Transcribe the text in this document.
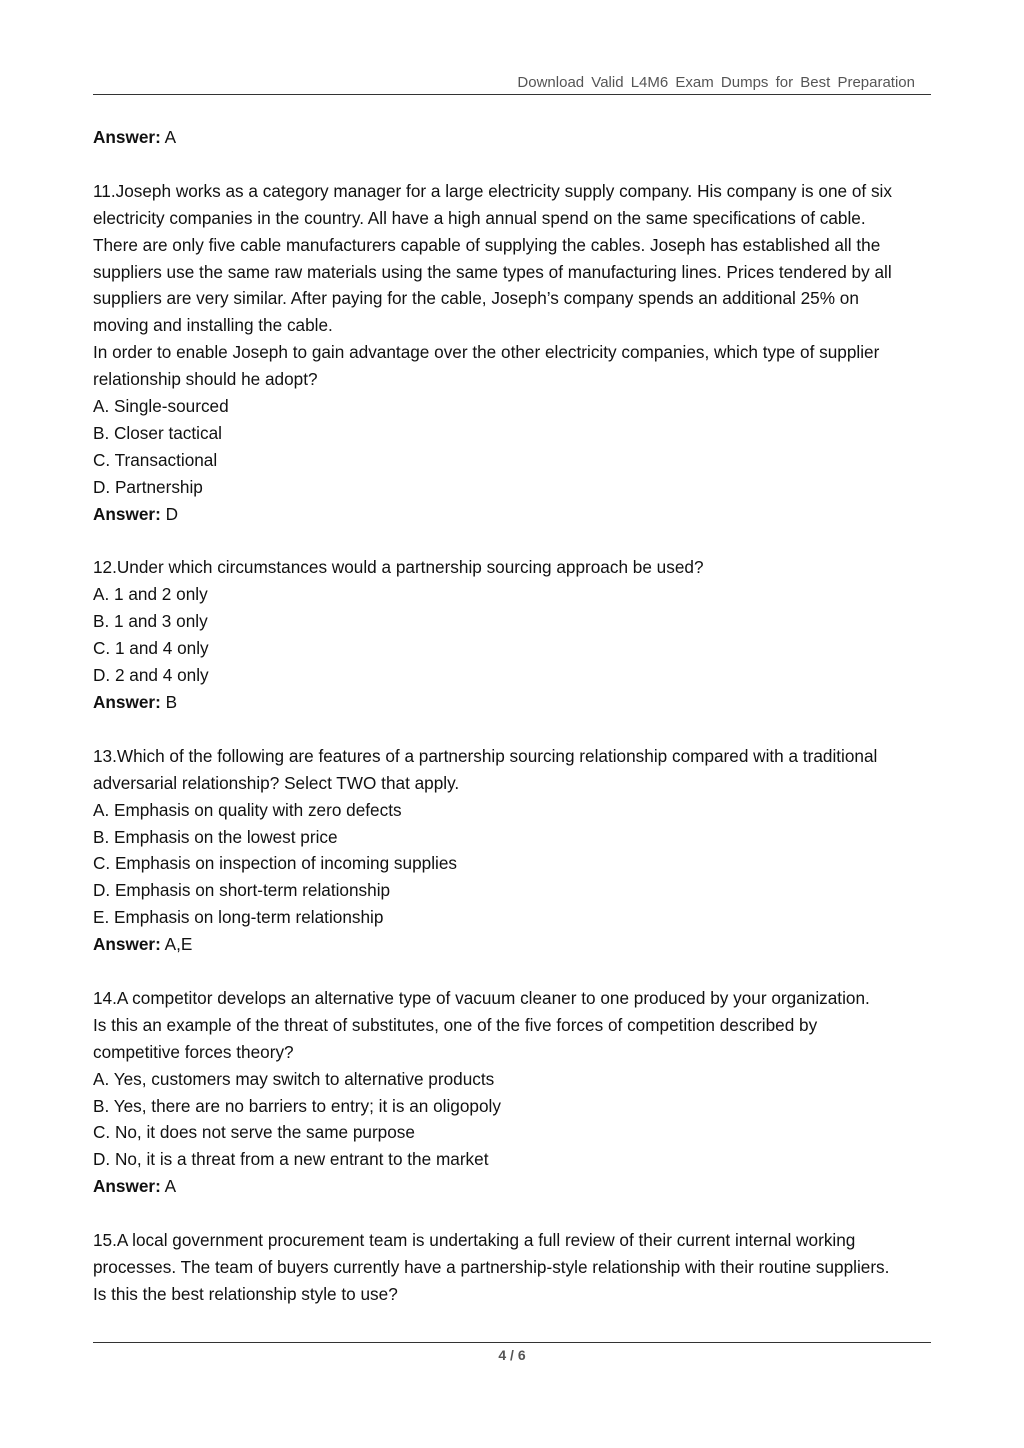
Download Valid L4M6 Exam Dumps for Best Preparation
Answer: A
11.Joseph works as a category manager for a large electricity supply company. His company is one of six
electricity companies in the country. All have a high annual spend on the same specifications of cable.
There are only five cable manufacturers capable of supplying the cables. Joseph has established all the
suppliers use the same raw materials using the same types of manufacturing lines. Prices tendered by all
suppliers are very similar. After paying for the cable, Joseph’s company spends an additional 25% on
moving and installing the cable.
In order to enable Joseph to gain advantage over the other electricity companies, which type of supplier
relationship should he adopt?
A. Single-sourced
B. Closer tactical
C. Transactional
D. Partnership
Answer: D
12.Under which circumstances would a partnership sourcing approach be used?
A. 1 and 2 only
B. 1 and 3 only
C. 1 and 4 only
D. 2 and 4 only
Answer: B
13.Which of the following are features of a partnership sourcing relationship compared with a traditional
adversarial relationship? Select TWO that apply.
A. Emphasis on quality with zero defects
B. Emphasis on the lowest price
C. Emphasis on inspection of incoming supplies
D. Emphasis on short-term relationship
E. Emphasis on long-term relationship
Answer: A,E
14.A competitor develops an alternative type of vacuum cleaner to one produced by your organization.
Is this an example of the threat of substitutes, one of the five forces of competition described by
competitive forces theory?
A. Yes, customers may switch to alternative products
B. Yes, there are no barriers to entry; it is an oligopoly
C. No, it does not serve the same purpose
D. No, it is a threat from a new entrant to the market
Answer: A
15.A local government procurement team is undertaking a full review of their current internal working
processes. The team of buyers currently have a partnership-style relationship with their routine suppliers.
Is this the best relationship style to use?
4 / 6
